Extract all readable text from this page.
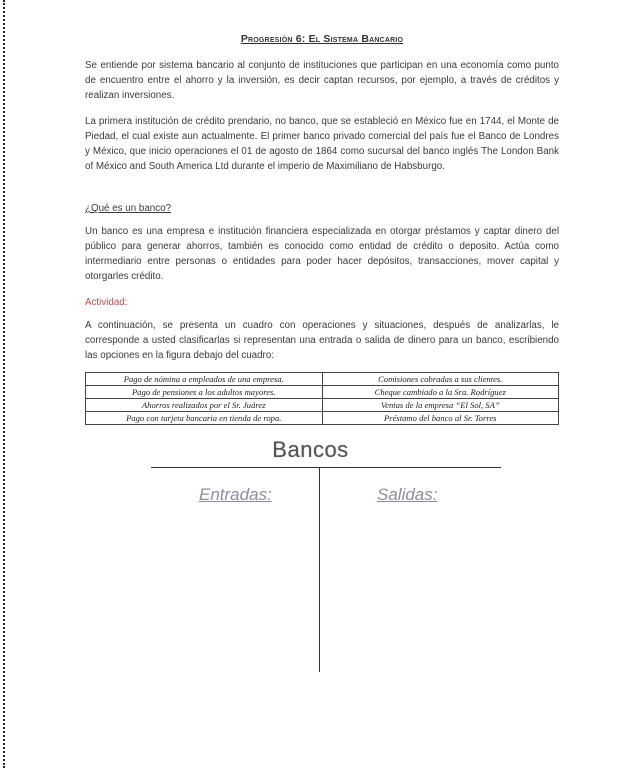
Progresión 6: El Sistema Bancario
Se entiende por sistema bancario al conjunto de instituciones que participan en una economía como punto de encuentro entre el ahorro y la inversión, es decir captan recursos, por ejemplo, a través de créditos y realizan inversiones.
La primera institución de crédito prendario, no banco, que se estableció en México fue en 1744, el Monte de Piedad, el cual existe aun actualmente. El primer banco privado comercial del país fue el Banco de Londres y México, que inicio operaciones el 01 de agosto de 1864 como sucursal del banco inglés The London Bank of México and South America Ltd durante el imperio de Maximiliano de Habsburgo.
¿Qué es un banco?
Un banco es una empresa e institución financiera especializada en otorgar préstamos y captar dinero del público para generar ahorros, también es conocido como entidad de crédito o deposito. Actúa como intermediario entre personas o entidades para poder hacer depósitos, transacciones, mover capital y otorgarles crédito.
Actividad:
A continuación, se presenta un cuadro con operaciones y situaciones, después de analizarlas, le corresponde a usted clasificarlas si representan una entrada o salida de dinero para un banco, escribiendo las opciones en la figura debajo del cuadro:
Pago de nómina a empleados de una empresa.	Comisiones cobradas a sus clientes.
Pago de pensiones a los adultos mayores.	Cheque cambiado a la Sra. Rodríguez
Ahorros realizados por el Sr. Juárez	Ventas de la empresa “El Sol, SA”
Pago con tarjeta bancaria en tienda de ropa.	Préstamo del banco al Sr. Torres
Bancos
Entradas:	Salidas:
